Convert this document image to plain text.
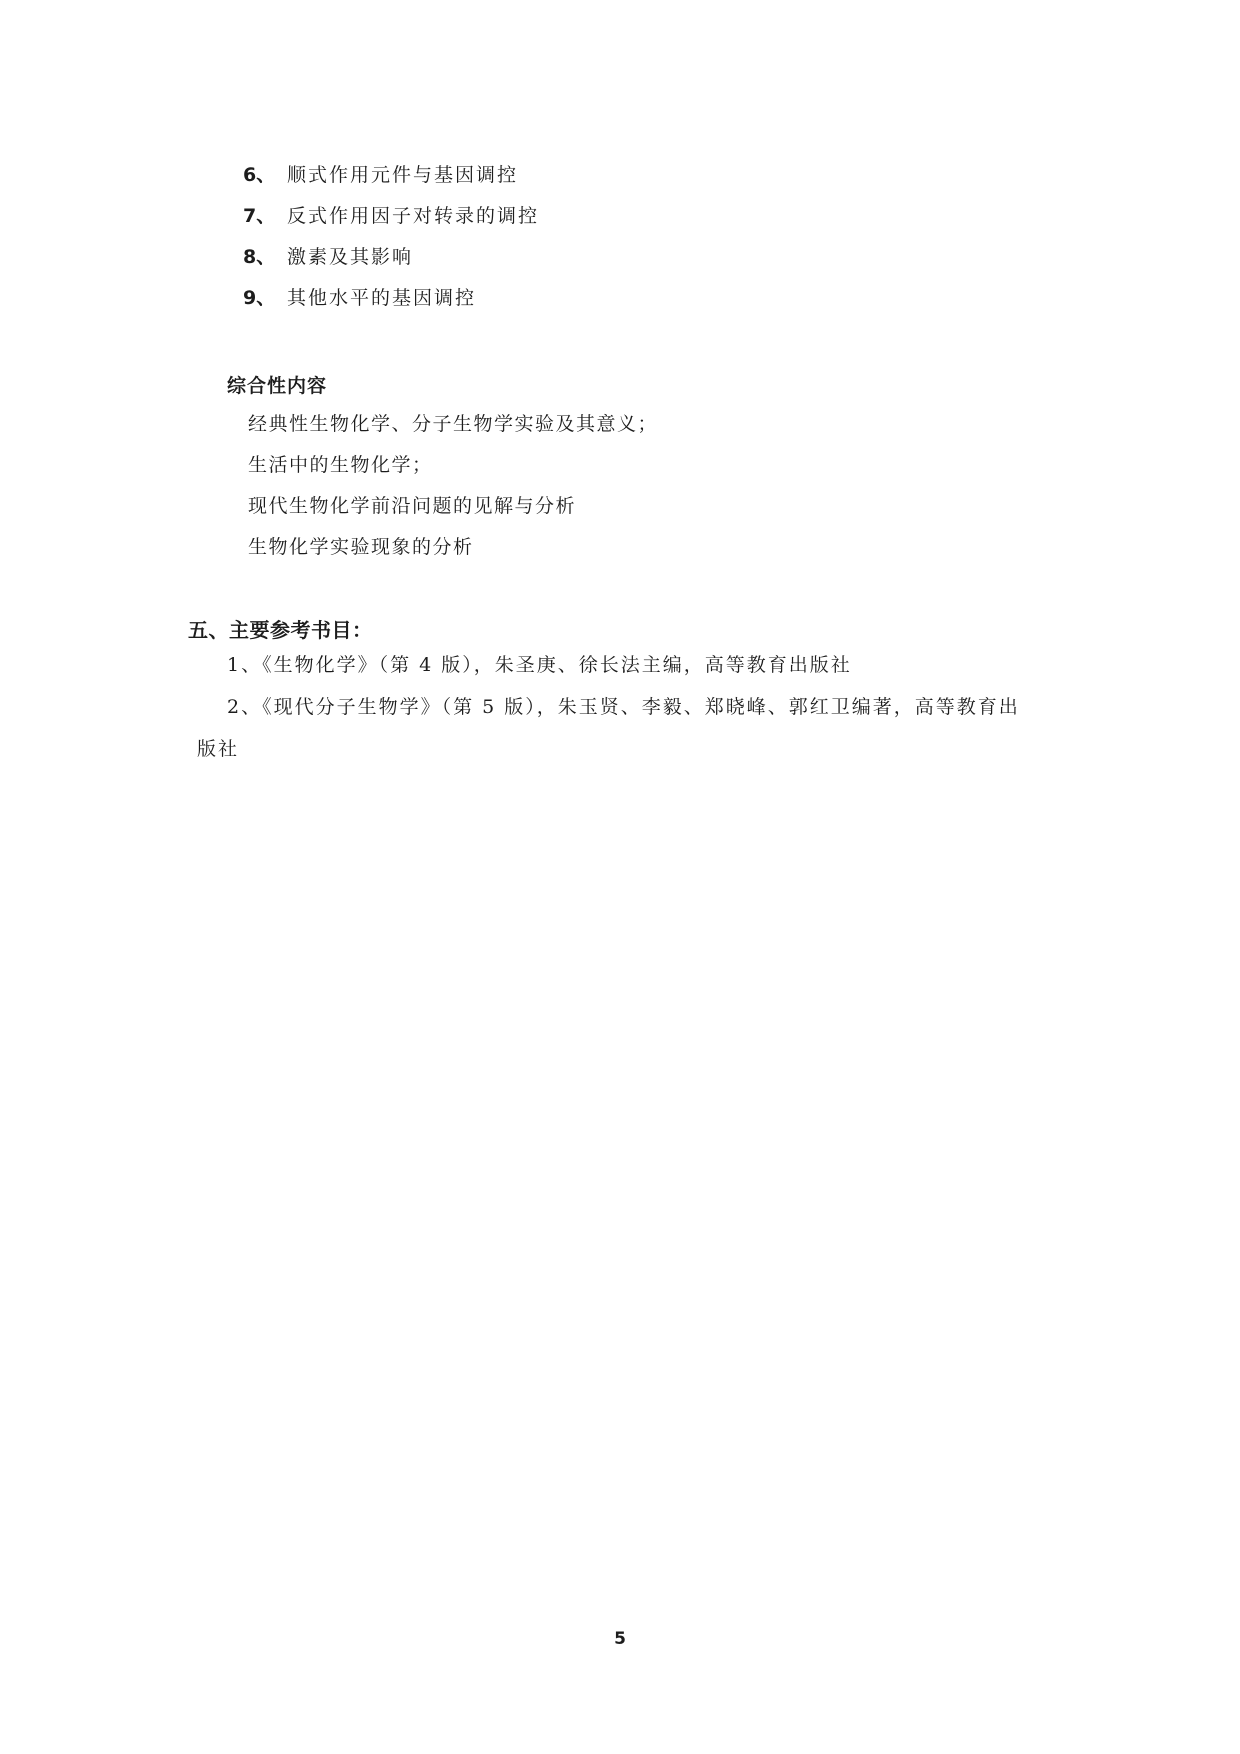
6、 顺式作用元件与基因调控
7、 反式作用因子对转录的调控
8、 激素及其影响
9、 其他水平的基因调控
综合性内容
经典性生物化学、分子生物学实验及其意义；
生活中的生物化学；
现代生物化学前沿问题的见解与分析
生物化学实验现象的分析
五、主要参考书目：
1、《生物化学》（第 4 版），朱圣庚、徐长法主编，高等教育出版社
2、《现代分子生物学》（第 5 版），朱玉贤、李毅、郑晓峰、郭红卫编著，高等教育出
版社
5
